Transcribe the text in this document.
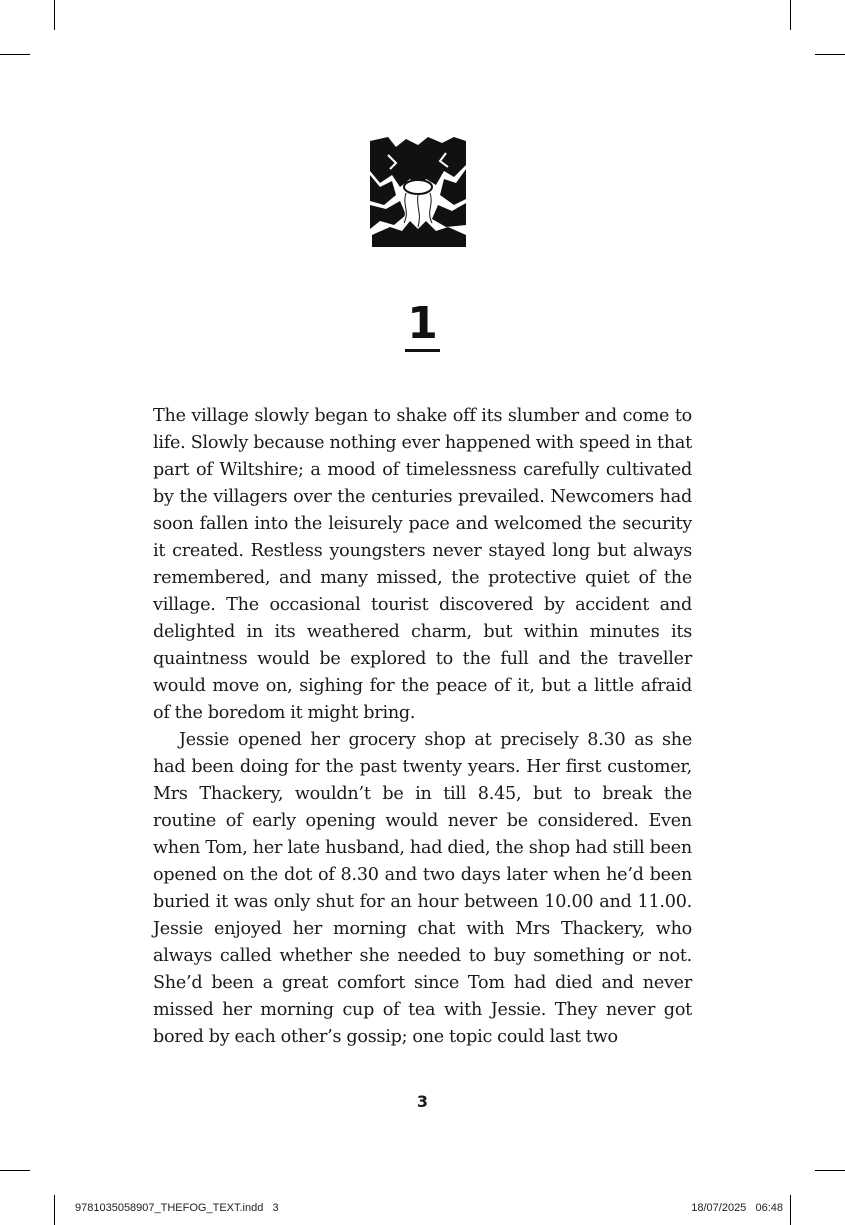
1

The village slowly began to shake off its slumber and come to life. Slowly because nothing ever happened with speed in that part of Wiltshire; a mood of timelessness carefully cultivated by the villagers over the centuries prevailed. Newcomers had soon fallen into the leisurely pace and welcomed the security it created. Restless youngsters never stayed long but always remembered, and many missed, the protective quiet of the village. The occasional tourist discovered by accident and delighted in its weathered charm, but within minutes its quaintness would be explored to the full and the traveller would move on, sighing for the peace of it, but a little afraid of the boredom it might bring.

Jessie opened her grocery shop at precisely 8.30 as she had been doing for the past twenty years. Her first customer, Mrs Thackery, wouldn’t be in till 8.45, but to break the routine of early opening would never be considered. Even when Tom, her late husband, had died, the shop had still been opened on the dot of 8.30 and two days later when he’d been buried it was only shut for an hour between 10.00 and 11.00. Jessie enjoyed her morning chat with Mrs Thackery, who always called whether she needed to buy something or not. She’d been a great comfort since Tom had died and never missed her morning cup of tea with Jessie. They never got bored by each other’s gossip; one topic could last two

3
9781035058907_THEFOG_TEXT.indd   3	18/07/2025   06:48
